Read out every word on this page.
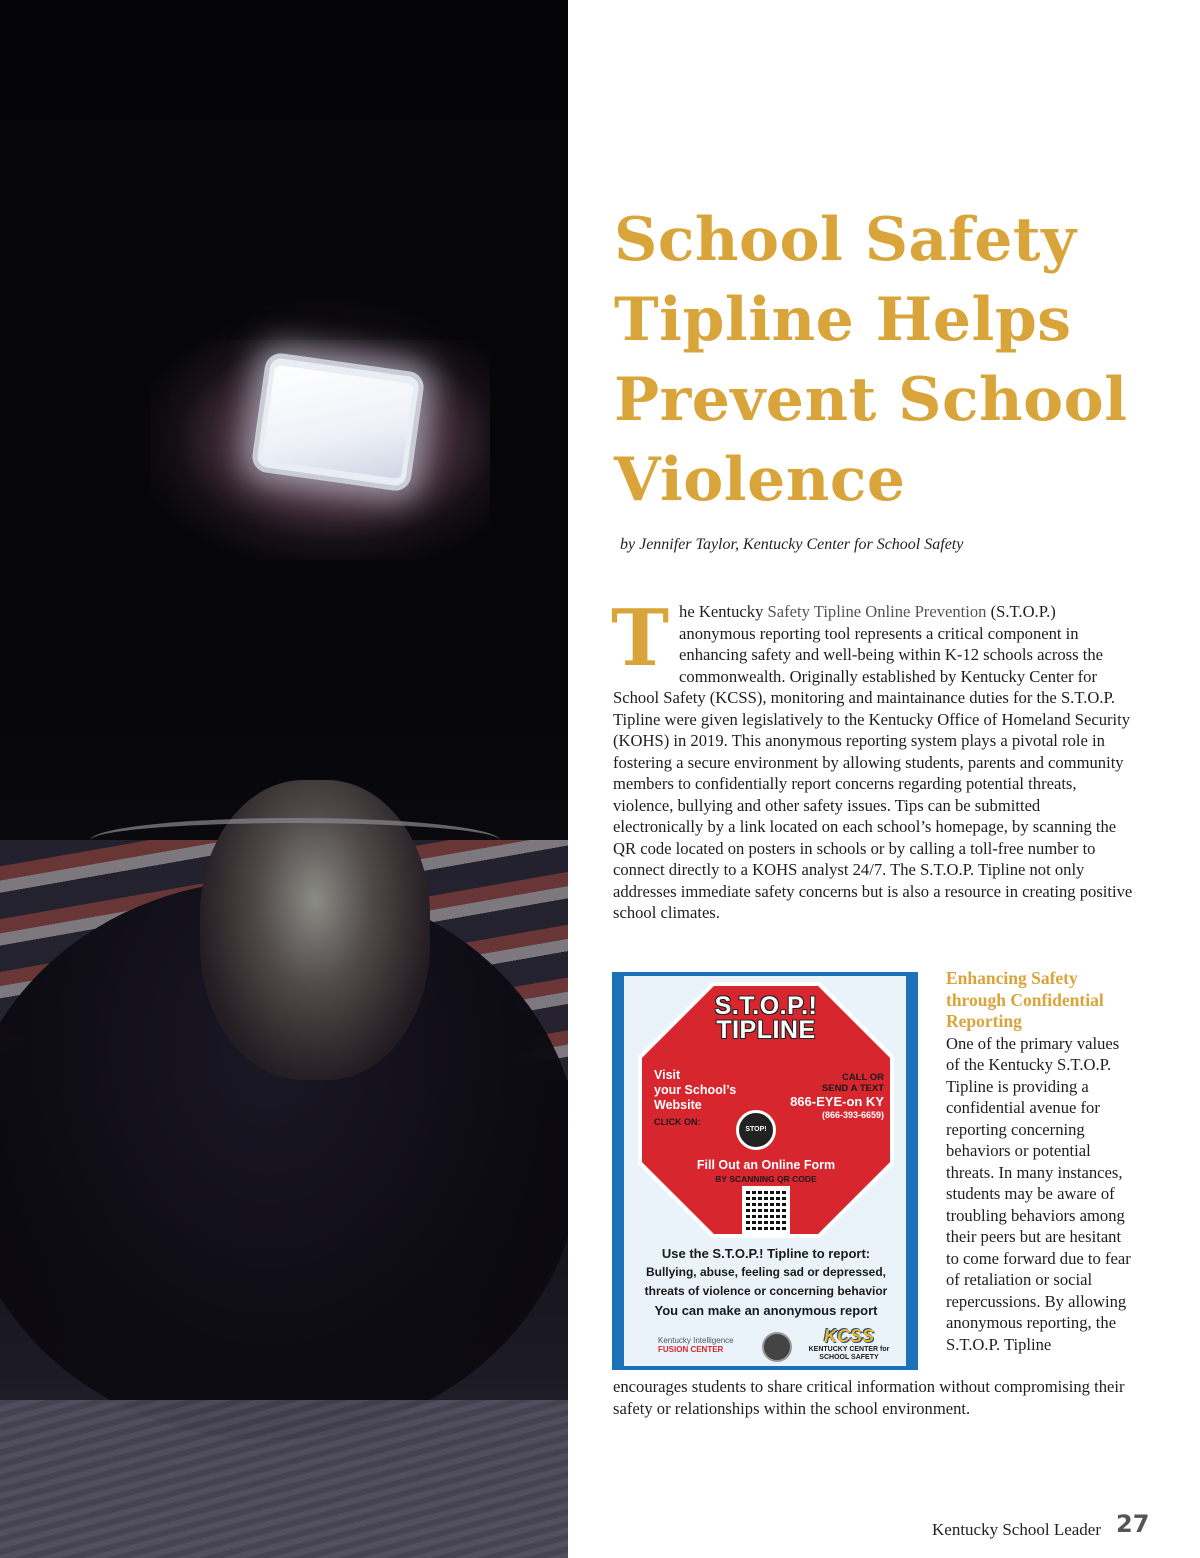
School Safety Tipline Helps Prevent School Violence
by Jennifer Taylor, Kentucky Center for School Safety

The Kentucky Safety Tipline Online Prevention (S.T.O.P.) anonymous reporting tool represents a critical component in enhancing safety and well-being within K-12 schools across the commonwealth. Originally established by Kentucky Center for School Safety (KCSS), monitoring and maintainance duties for the S.T.O.P. Tipline were given legislatively to the Kentucky Office of Homeland Security (KOHS) in 2019. This anonymous reporting system plays a pivotal role in fostering a secure environment by allowing students, parents and community members to confidentially report concerns regarding potential threats, violence, bullying and other safety issues. Tips can be submitted electronically by a link located on each school’s homepage, by scanning the QR code located on posters in schools or by calling a toll-free number to connect directly to a KOHS analyst 24/7. The S.T.O.P. Tipline not only addresses immediate safety concerns but is also a resource in creating positive school climates.

S.T.O.P.!
TIPLINE
Visit
your School’s
Website
CLICK ON:
STOP!
CALL OR
SEND A TEXT
866-EYE-on KY
(866-393-6659)
Fill Out an Online Form
BY SCANNING QR CODE
Use the S.T.O.P.! Tipline to report:
Bullying, abuse, feeling sad or depressed,
threats of violence or concerning behavior
You can make an anonymous report
Kentucky Intelligence
FUSION CENTER
KCSS
KENTUCKY CENTER for SCHOOL SAFETY
Enhancing Safety through Confidential Reporting
One of the primary values of the Kentucky S.T.O.P. Tipline is providing a confidential avenue for reporting concerning behaviors or potential threats. In many instances, students may be aware of troubling behaviors among their peers but are hesitant to come forward due to fear of retaliation or social repercussions. By allowing anonymous reporting, the S.T.O.P. Tipline

encourages students to share critical information without compromising their safety or relationships within the school environment.

Kentucky School Leader 27
